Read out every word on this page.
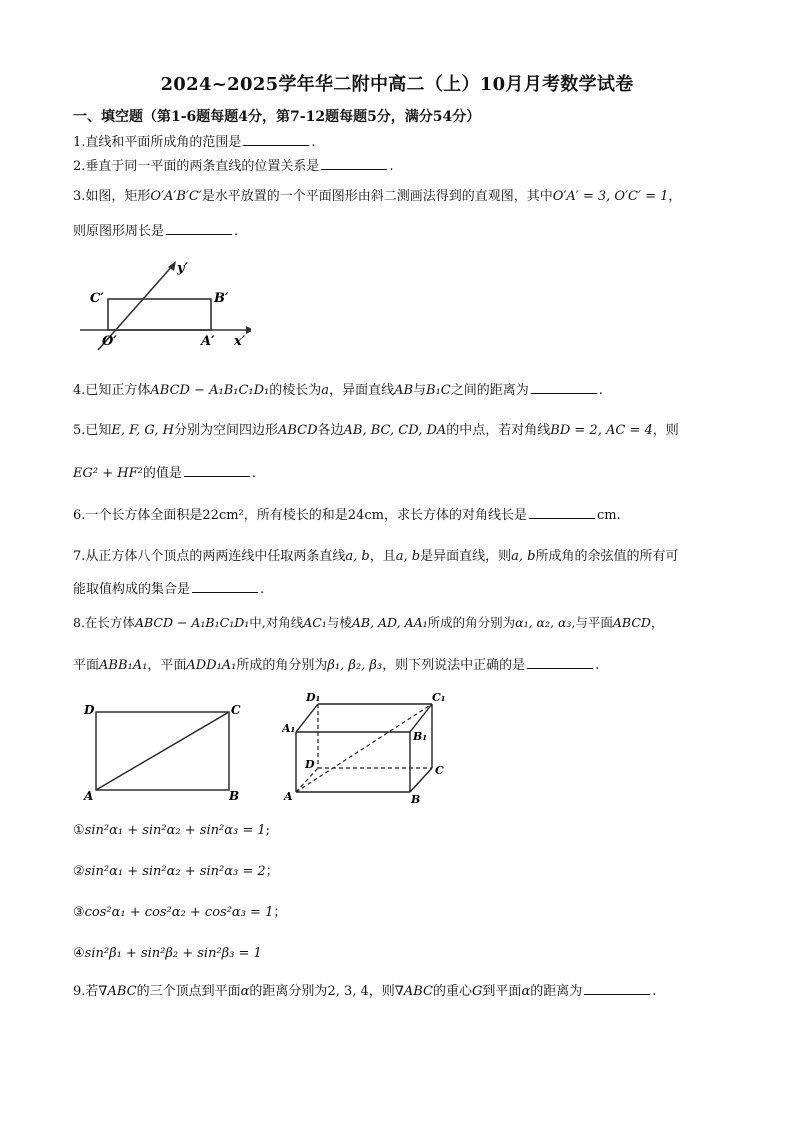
2024~2025学年华二附中高二（上）10月月考数学试卷
一、填空题（第1-6题每题4分，第7-12题每题5分，满分54分）
1.直线和平面所成角的范围是	.
2.垂直于同一平面的两条直线的位置关系是	.
3.如图，矩形O′A′B′C′是水平放置的一个平面图形由斜二测画法得到的直观图，其中O′A′ = 3, O′C′ = 1，
则原图形周长是	.
y′
x′
C′	B′
O′	A′
4.已知正方体ABCD − A₁B₁C₁D₁的棱长为a，异面直线AB与B₁C之间的距离为	.
5.已知E, F, G, H分别为空间四边形ABCD各边AB, BC, CD, DA的中点，若对角线BD = 2, AC = 4，则
EG² + HF²的值是	.
6.一个长方体全面积是22cm²，所有棱长的和是24cm，求长方体的对角线长是	cm.
7.从正方体八个顶点的两两连线中任取两条直线a, b，且a, b是异面直线，则a, b所成角的余弦值的所有可
能取值构成的集合是	.
8.在长方体ABCD − A₁B₁C₁D₁中,对角线AC₁与棱AB, AD, AA₁所成的角分别为α₁, α₂, α₃,与平面ABCD，
平面ABB₁A₁，平面ADD₁A₁所成的角分别为β₁, β₂, β₃，则下列说法中正确的是	.
D	C
A	B
D₁	C₁
A₁
B₁
D	C
A	B
①sin²α₁ + sin²α₂ + sin²α₃ = 1;
②sin²α₁ + sin²α₂ + sin²α₃ = 2；
③cos²α₁ + cos²α₂ + cos²α₃ = 1；
④sin²β₁ + sin²β₂ + sin²β₃ = 1
9.若∇ABC的三个顶点到平面α的距离分别为2, 3, 4，则∇ABC的重心G到平面α的距离为	.
